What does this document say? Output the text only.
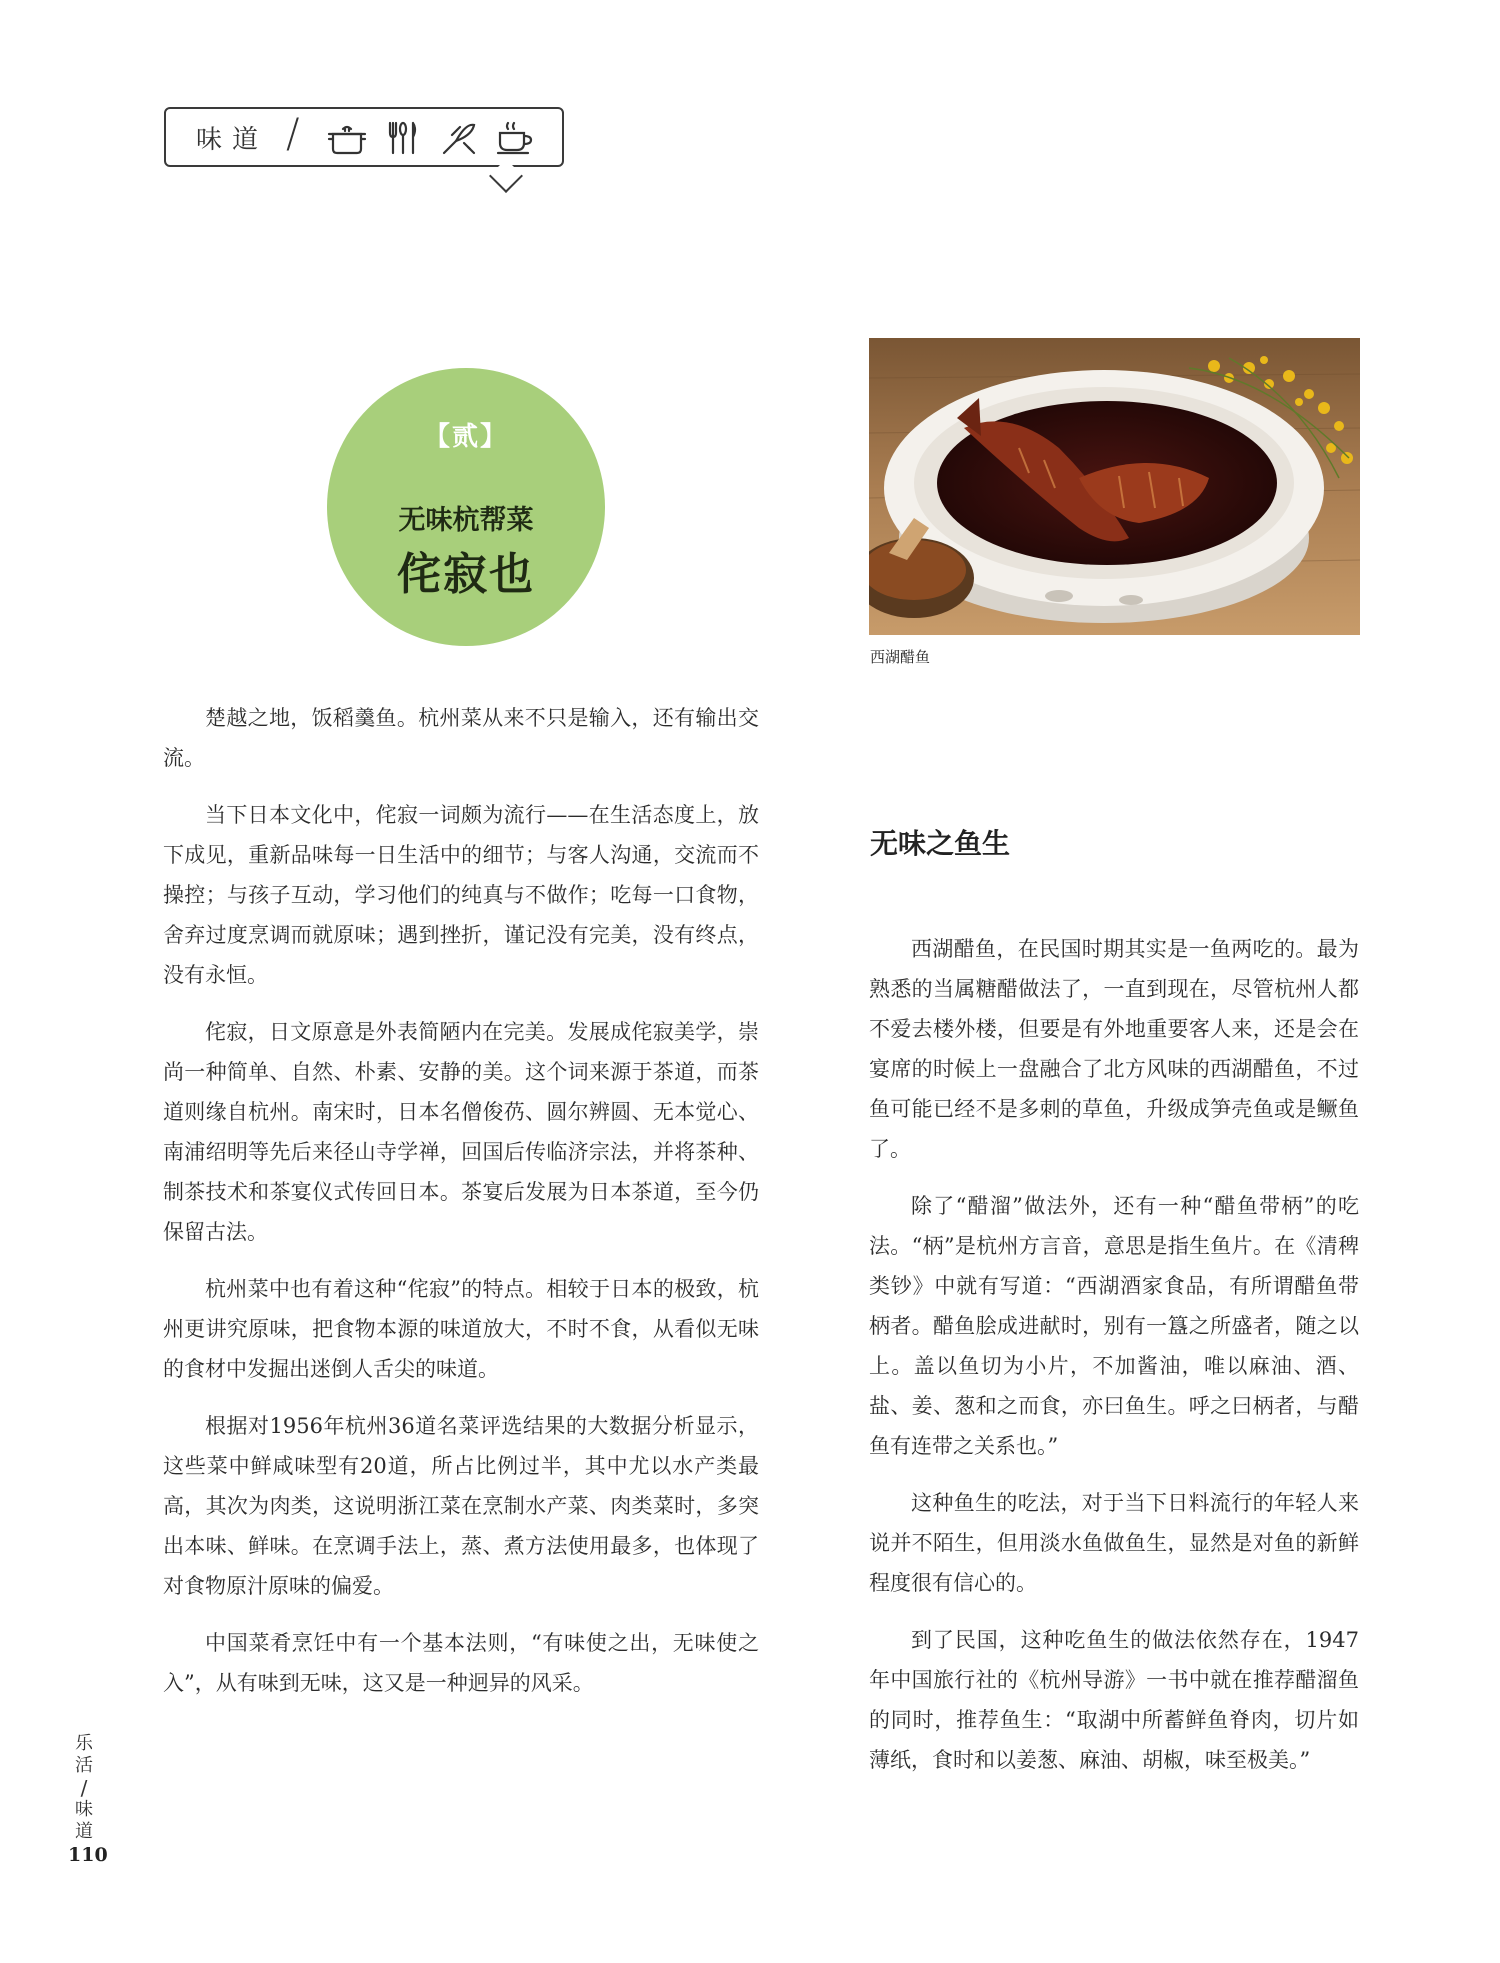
味道 /
【贰】
无味杭帮菜
侘寂也
西湖醋鱼

楚越之地，饭稻羹鱼。杭州菜从来不只是输入，还有输出交流。

当下日本文化中，侘寂一词颇为流行——在生活态度上，放下成见，重新品味每一日生活中的细节；与客人沟通，交流而不操控；与孩子互动，学习他们的纯真与不做作；吃每一口食物，舍弃过度烹调而就原味；遇到挫折，谨记没有完美，没有终点，没有永恒。

侘寂，日文原意是外表简陋内在完美。发展成侘寂美学，崇尚一种简单、自然、朴素、安静的美。这个词来源于茶道，而茶道则缘自杭州。南宋时，日本名僧俊芿、圆尔辨圆、无本觉心、南浦绍明等先后来径山寺学禅，回国后传临济宗法，并将茶种、制茶技术和茶宴仪式传回日本。茶宴后发展为日本茶道，至今仍保留古法。

杭州菜中也有着这种“侘寂”的特点。相较于日本的极致，杭州更讲究原味，把食物本源的味道放大，不时不食，从看似无味的食材中发掘出迷倒人舌尖的味道。

根据对1956年杭州36道名菜评选结果的大数据分析显示，这些菜中鲜咸味型有20道，所占比例过半，其中尤以水产类最高，其次为肉类，这说明浙江菜在烹制水产菜、肉类菜时，多突出本味、鲜味。在烹调手法上，蒸、煮方法使用最多，也体现了对食物原汁原味的偏爱。

中国菜肴烹饪中有一个基本法则，“有味使之出，无味使之入”，从有味到无味，这又是一种迥异的风采。

无味之鱼生

西湖醋鱼，在民国时期其实是一鱼两吃的。最为熟悉的当属糖醋做法了，一直到现在，尽管杭州人都不爱去楼外楼，但要是有外地重要客人来，还是会在宴席的时候上一盘融合了北方风味的西湖醋鱼，不过鱼可能已经不是多刺的草鱼，升级成笋壳鱼或是鳜鱼了。

除了“醋溜”做法外，还有一种“醋鱼带柄”的吃法。“柄”是杭州方言音，意思是指生鱼片。在《清稗类钞》中就有写道：“西湖酒家食品，有所谓醋鱼带柄者。醋鱼脍成进献时，别有一簋之所盛者，随之以上。盖以鱼切为小片，不加酱油，唯以麻油、酒、盐、姜、葱和之而食，亦曰鱼生。呼之曰柄者，与醋鱼有连带之关系也。”

这种鱼生的吃法，对于当下日料流行的年轻人来说并不陌生，但用淡水鱼做鱼生，显然是对鱼的新鲜程度很有信心的。

到了民国，这种吃鱼生的做法依然存在，1947年中国旅行社的《杭州导游》一书中就在推荐醋溜鱼的同时，推荐鱼生：“取湖中所蓄鲜鱼脊肉，切片如薄纸，食时和以姜葱、麻油、胡椒，味至极美。”

乐
活
/
味
道
110
